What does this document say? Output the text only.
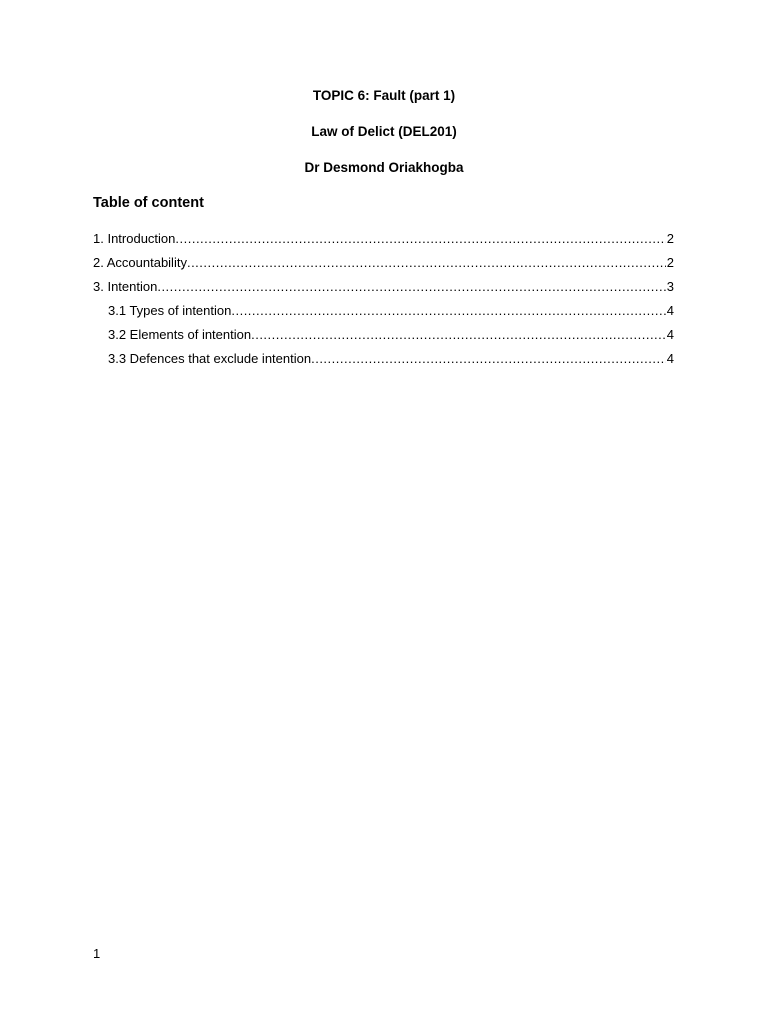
TOPIC 6: Fault (part 1)
Law of Delict (DEL201)
Dr Desmond Oriakhogba
Table of content
1. Introduction .....	2
2. Accountability .....	2
3. Intention .....	3
3.1 Types of intention .....	4
3.2 Elements of intention .....	4
3.3 Defences that exclude intention .....	4
1
